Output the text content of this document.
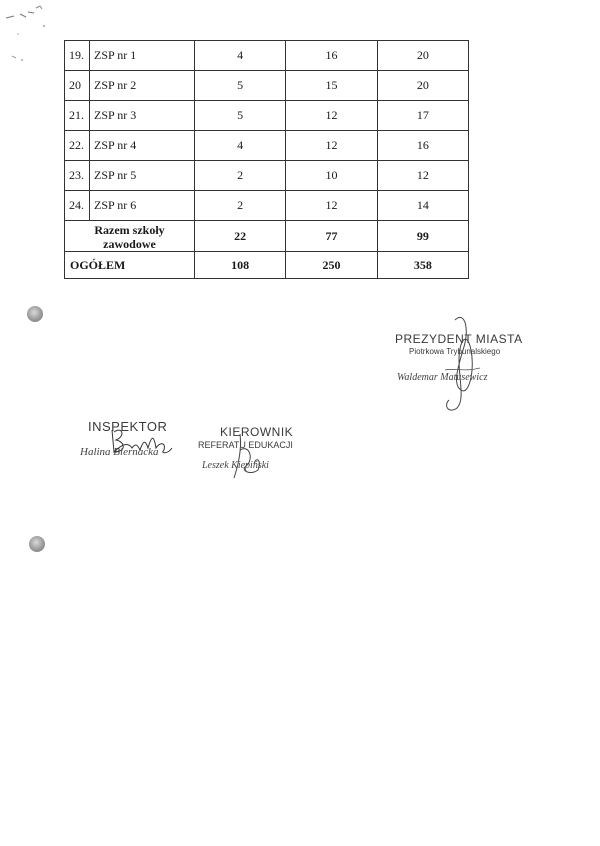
19.	ZSP nr 1	4	16	20
20	ZSP nr 2	5	15	20
21.	ZSP nr 3	5	12	17
22.	ZSP nr 4	4	12	16
23.	ZSP nr 5	2	10	12
24.	ZSP nr 6	2	12	14
Razem szkoły
zawodowe		22	77	99
OGÓŁEM		108	250	358
PREZYDENT MIASTA
Piotrkowa Trybunalskiego
Waldemar Matusewicz
INSPEKTOR
Halina Biernacka
KIEROWNIK
REFERATU EDUKACJI
Leszek Kiepiński
